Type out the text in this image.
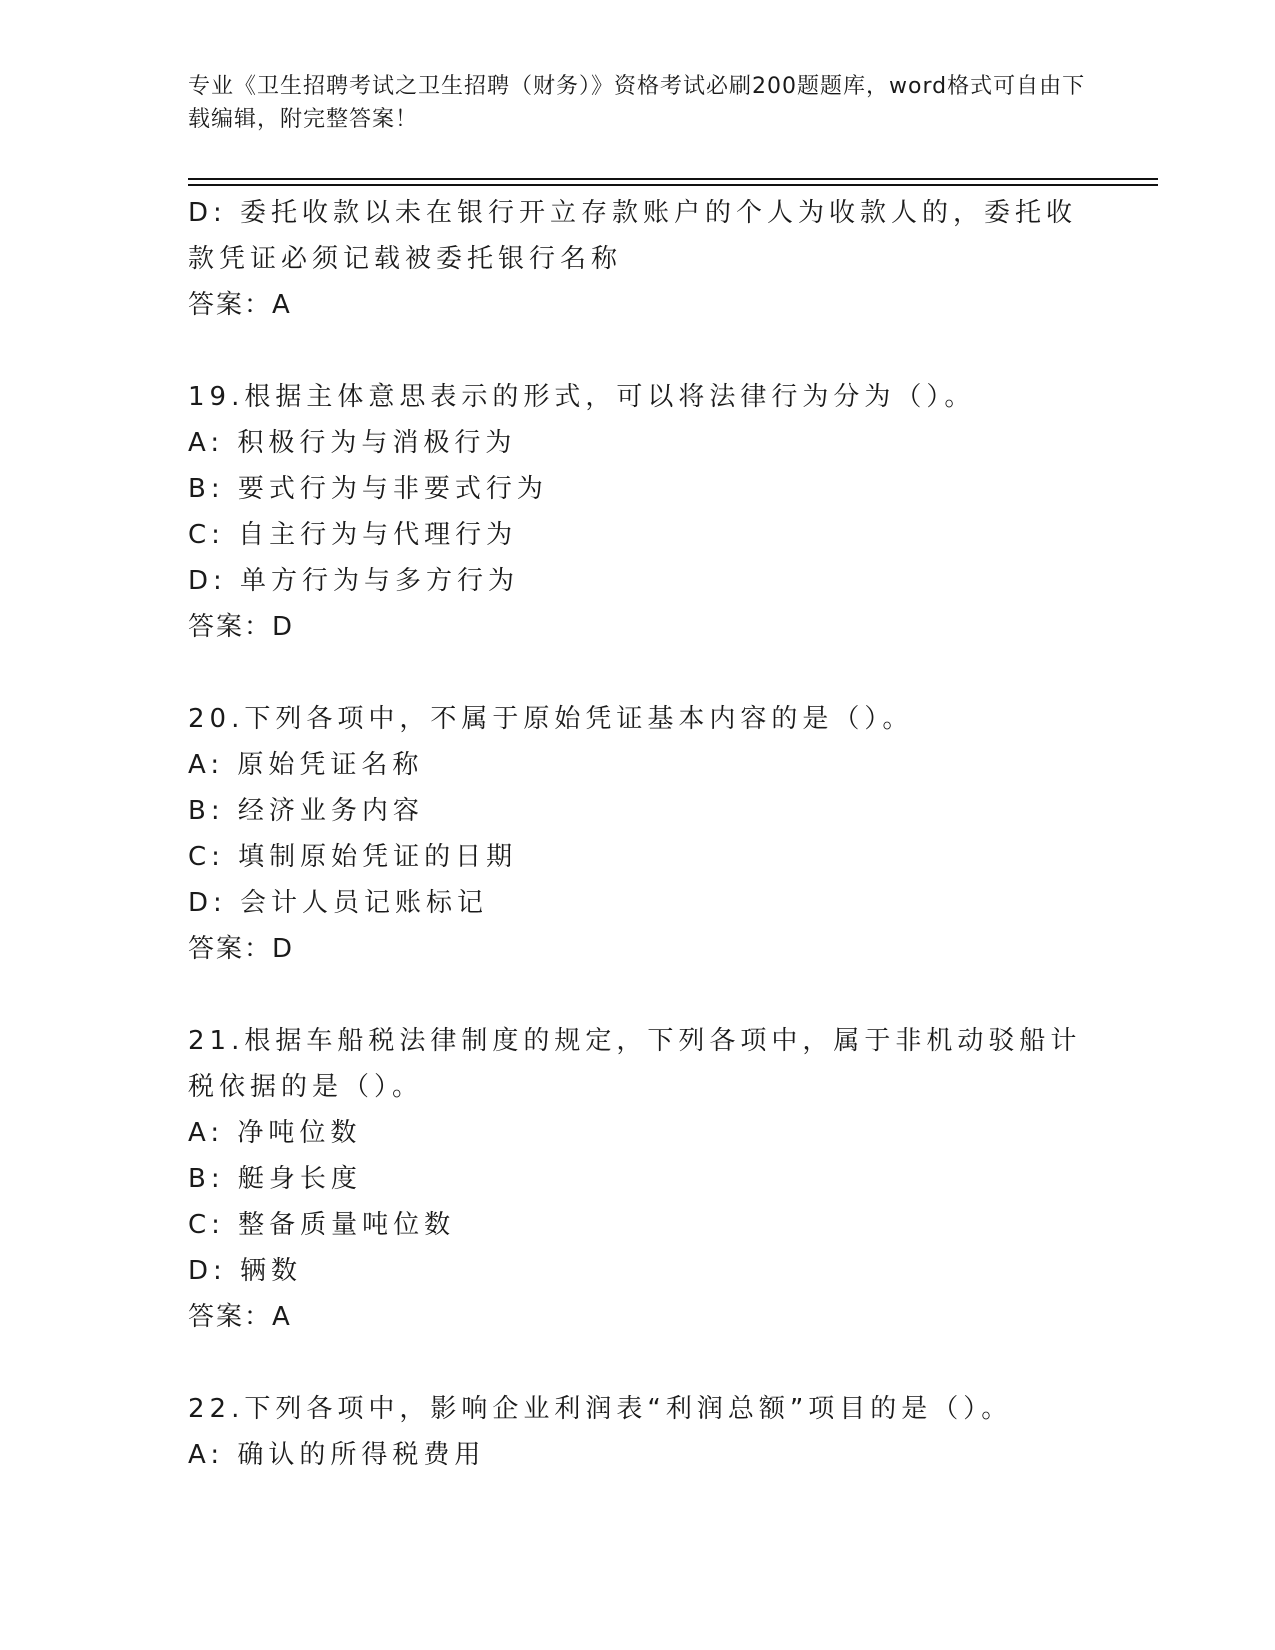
专业《卫生招聘考试之卫生招聘（财务）》资格考试必刷200题题库，word格式可自由下载编辑，附完整答案！

D: 委托收款以未在银行开立存款账户的个人为收款人的，委托收款凭证必须记载被委托银行名称

答案：A

19.根据主体意思表示的形式，可以将法律行为分为（）。

A: 积极行为与消极行为

B: 要式行为与非要式行为

C: 自主行为与代理行为

D: 单方行为与多方行为

答案：D

20.下列各项中，不属于原始凭证基本内容的是（）。

A: 原始凭证名称

B: 经济业务内容

C: 填制原始凭证的日期

D: 会计人员记账标记

答案：D

21.根据车船税法律制度的规定，下列各项中，属于非机动驳船计税依据的是（）。

A: 净吨位数

B: 艇身长度

C: 整备质量吨位数

D: 辆数

答案：A

22.下列各项中，影响企业利润表“利润总额”项目的是（）。

A: 确认的所得税费用
